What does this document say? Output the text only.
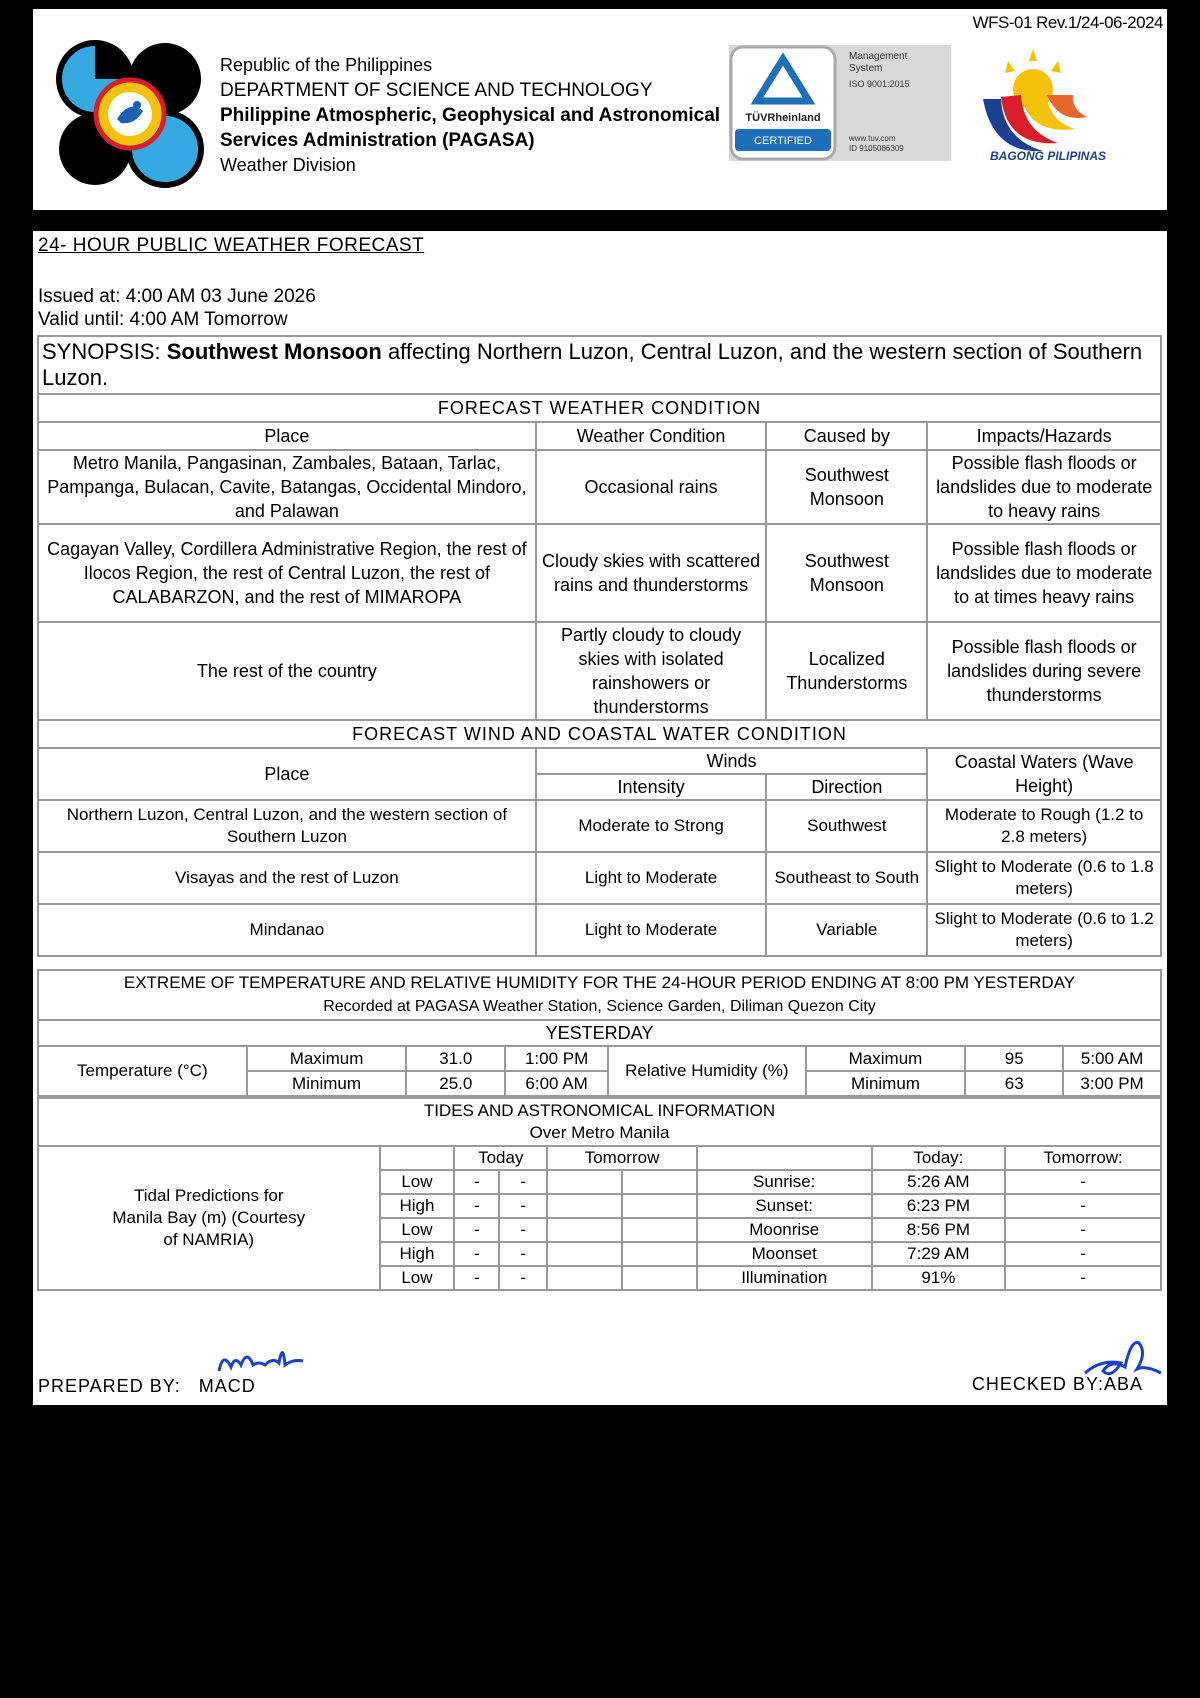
WFS-01 Rev.1/24-06-2024
Republic of the Philippines
DEPARTMENT OF SCIENCE AND TECHNOLOGY
Philippine Atmospheric, Geophysical and Astronomical
Services Administration (PAGASA)
Weather Division
TÜVRheinland
CERTIFIED
Management
System
ISO 9001:2015
www.tuv.com
ID 9105086309
BAGONG PILIPINAS
24- HOUR PUBLIC WEATHER FORECAST
Issued at: 4:00 AM 03 June 2026
Valid until: 4:00 AM Tomorrow
SYNOPSIS: Southwest Monsoon affecting Northern Luzon, Central Luzon, and the western section of Southern Luzon.			
FORECAST WEATHER CONDITION			
Place	Weather Condition	Caused by	Impacts/Hazards
Metro Manila, Pangasinan, Zambales, Bataan, Tarlac, Pampanga, Bulacan, Cavite, Batangas, Occidental Mindoro, and Palawan	Occasional rains	Southwest Monsoon	Possible flash floods or landslides due to moderate to heavy rains
Cagayan Valley, Cordillera Administrative Region, the rest of Ilocos Region, the rest of Central Luzon, the rest of CALABARZON, and the rest of MIMAROPA	Cloudy skies with scattered rains and thunderstorms	Southwest Monsoon	Possible flash floods or landslides due to moderate to at times heavy rains
The rest of the country	Partly cloudy to cloudy skies with isolated rainshowers or thunderstorms	Localized Thunderstorms	Possible flash floods or landslides during severe thunderstorms
FORECAST WIND AND COASTAL WATER CONDITION			
Place	Winds		Coastal Waters (Wave Height)
	Intensity	Direction	
Northern Luzon, Central Luzon, and the western section of Southern Luzon	Moderate to Strong	Southwest	Moderate to Rough (1.2 to 2.8 meters)
Visayas and the rest of Luzon	Light to Moderate	Southeast to South	Slight to Moderate (0.6 to 1.8 meters)
Mindanao	Light to Moderate	Variable	Slight to Moderate (0.6 to 1.2 meters)
EXTREME OF TEMPERATURE AND RELATIVE HUMIDITY FOR THE 24-HOUR PERIOD ENDING AT 8:00 PM YESTERDAY
Recorded at PAGASA Weather Station, Science Garden, Diliman Quezon City							

YESTERDAY							
Temperature (°C)	Maximum	31.0	1:00 PM	Relative Humidity (%)	Maximum	95	5:00 AM
	Minimum	25.0	6:00 AM		Minimum	63	3:00 PM
TIDES AND ASTRONOMICAL INFORMATION
Over Metro Manila								

Tidal Predictions for Manila Bay (m) (Courtesy of NAMRIA)		Today		Tomorrow			Today:	Tomorrow:
	Low	-	-			Sunrise:	5:26 AM	-
	High	-	-			Sunset:	6:23 PM	-
	Low	-	-			Moonrise	8:56 PM	-
	High	-	-			Moonset	7:29 AM	-
	Low	-	-			Illumination	91%	-
PREPARED BY: MACD	CHECKED BY:ABA
